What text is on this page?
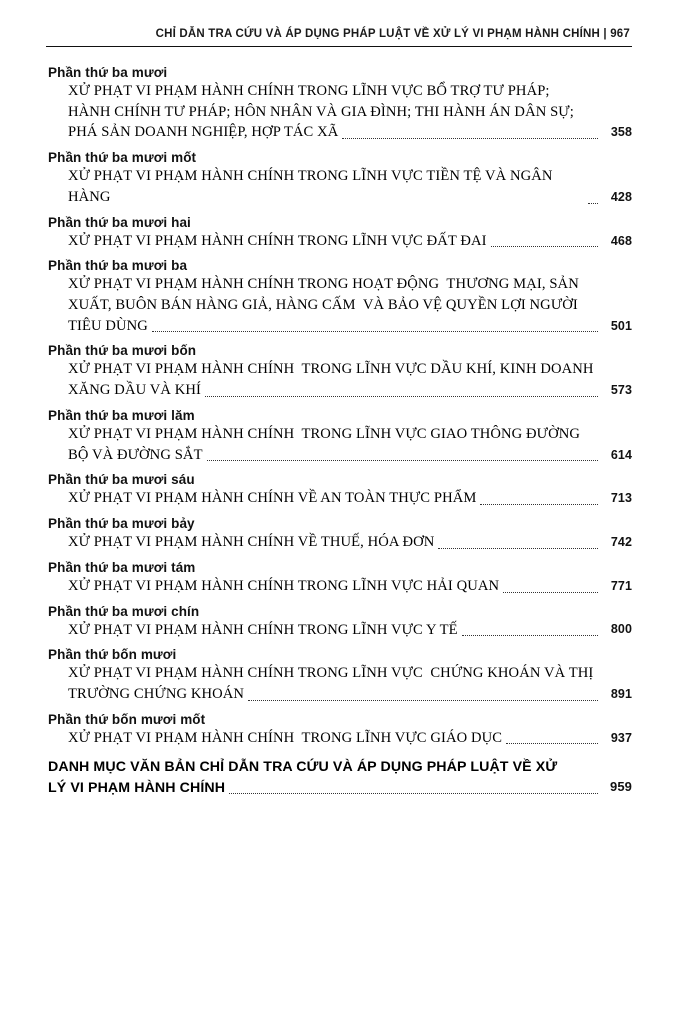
CHỈ DẪN TRA CỨU VÀ ÁP DỤNG PHÁP LUẬT VỀ XỬ LÝ VI PHẠM HÀNH CHÍNH | 967
Phần thứ ba mươi
XỬ PHẠT VI PHẠM HÀNH CHÍNH TRONG LĨNH VỰC BỔ TRỢ TƯ PHÁP;
HÀNH CHÍNH TƯ PHÁP; HÔN NHÂN VÀ GIA ĐÌNH; THI HÀNH ÁN DÂN SỰ;
PHÁ SẢN DOANH NGHIỆP, HỢP TÁC XÃ	358
Phần thứ ba mươi mốt
XỬ PHẠT VI PHẠM HÀNH CHÍNH TRONG LĨNH VỰC TIỀN TỆ VÀ NGÂN HÀNG	428
Phần thứ ba mươi hai
XỬ PHẠT VI PHẠM HÀNH CHÍNH TRONG LĨNH VỰC ĐẤT ĐAI	468
Phần thứ ba mươi ba
XỬ PHẠT VI PHẠM HÀNH CHÍNH TRONG HOẠT ĐỘNG  THƯƠNG MẠI, SẢN
XUẤT, BUÔN BÁN HÀNG GIẢ, HÀNG CẤM  VÀ BẢO VỆ QUYỀN LỢI NGƯỜI
TIÊU DÙNG	501
Phần thứ ba mươi bốn
XỬ PHẠT VI PHẠM HÀNH CHÍNH  TRONG LĨNH VỰC DẦU KHÍ, KINH DOANH
XĂNG DẦU VÀ KHÍ	573
Phần thứ ba mươi lăm
XỬ PHẠT VI PHẠM HÀNH CHÍNH  TRONG LĨNH VỰC GIAO THÔNG ĐƯỜNG
BỘ VÀ ĐƯỜNG SẮT	614
Phần thứ ba mươi sáu
XỬ PHẠT VI PHẠM HÀNH CHÍNH VỀ AN TOÀN THỰC PHẨM	713
Phần thứ ba mươi bảy
XỬ PHẠT VI PHẠM HÀNH CHÍNH VỀ THUẾ, HÓA ĐƠN	742
Phần thứ ba mươi tám
XỬ PHẠT VI PHẠM HÀNH CHÍNH TRONG LĨNH VỰC HẢI QUAN	771
Phần thứ ba mươi chín
XỬ PHẠT VI PHẠM HÀNH CHÍNH TRONG LĨNH VỰC Y TẾ	800
Phần thứ bốn mươi
XỬ PHẠT VI PHẠM HÀNH CHÍNH TRONG LĨNH VỰC  CHỨNG KHOÁN VÀ THỊ
TRƯỜNG CHỨNG KHOÁN	891
Phần thứ bốn mươi mốt
XỬ PHẠT VI PHẠM HÀNH CHÍNH  TRONG LĨNH VỰC GIÁO DỤC	937
DANH MỤC VĂN BẢN CHỈ DẪN TRA CỨU VÀ ÁP DỤNG PHÁP LUẬT VỀ XỬ
LÝ VI PHẠM HÀNH CHÍNH	959
